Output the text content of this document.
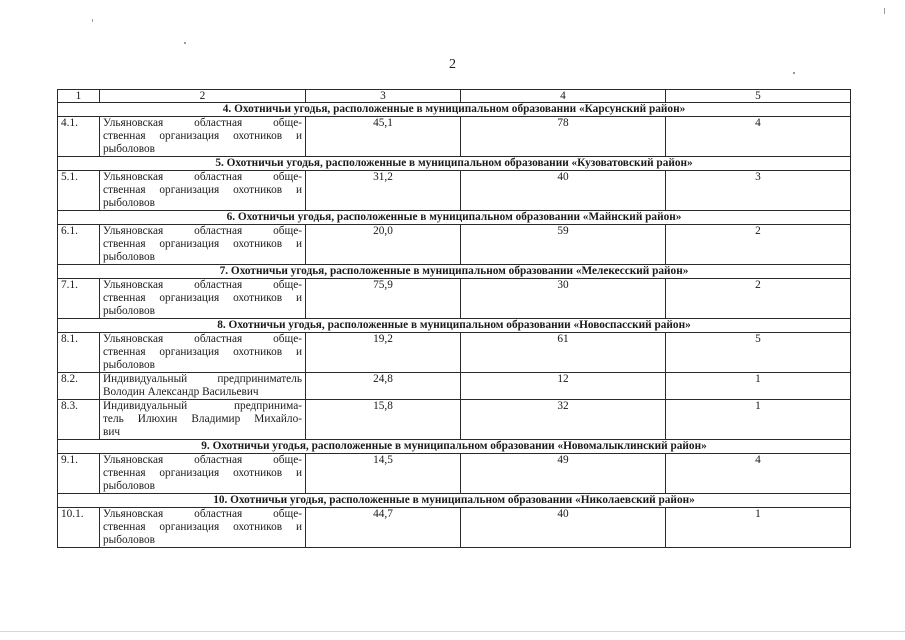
2
1	2	3	4	5
4. Охотничьи угодья, расположенные в муниципальном образовании «Карсунский район»				
4.1.	Ульяновская областная обще-
ственная организация охотников и
рыболовов	45,1	78	4
5. Охотничьи угодья, расположенные в муниципальном образовании «Кузоватовский район»				
5.1.	Ульяновская областная обще-
ственная организация охотников и
рыболовов	31,2	40	3
6. Охотничьи угодья, расположенные в муниципальном образовании «Майнский район»				
6.1.	Ульяновская областная обще-
ственная организация охотников и
рыболовов	20,0	59	2
7. Охотничьи угодья, расположенные в муниципальном образовании «Мелекесский район»				
7.1.	Ульяновская областная обще-
ственная организация охотников и
рыболовов	75,9	30	2
8. Охотничьи угодья, расположенные в муниципальном образовании «Новоспасский район»				
8.1.	Ульяновская областная обще-
ственная организация охотников и
рыболовов	19,2	61	5
8.2.	Индивидуальный предприниматель
Володин Александр Васильевич	24,8	12	1
8.3.	Индивидуальный предпринима-
тель Илюхин Владимир Михайло-
вич	15,8	32	1
9. Охотничьи угодья, расположенные в муниципальном образовании «Новомалыклинский район»				
9.1.	Ульяновская областная обще-
ственная организация охотников и
рыболовов	14,5	49	4
10. Охотничьи угодья, расположенные в муниципальном образовании «Николаевский район»				
10.1.	Ульяновская областная обще-
ственная организация охотников и
рыболовов	44,7	40	1
